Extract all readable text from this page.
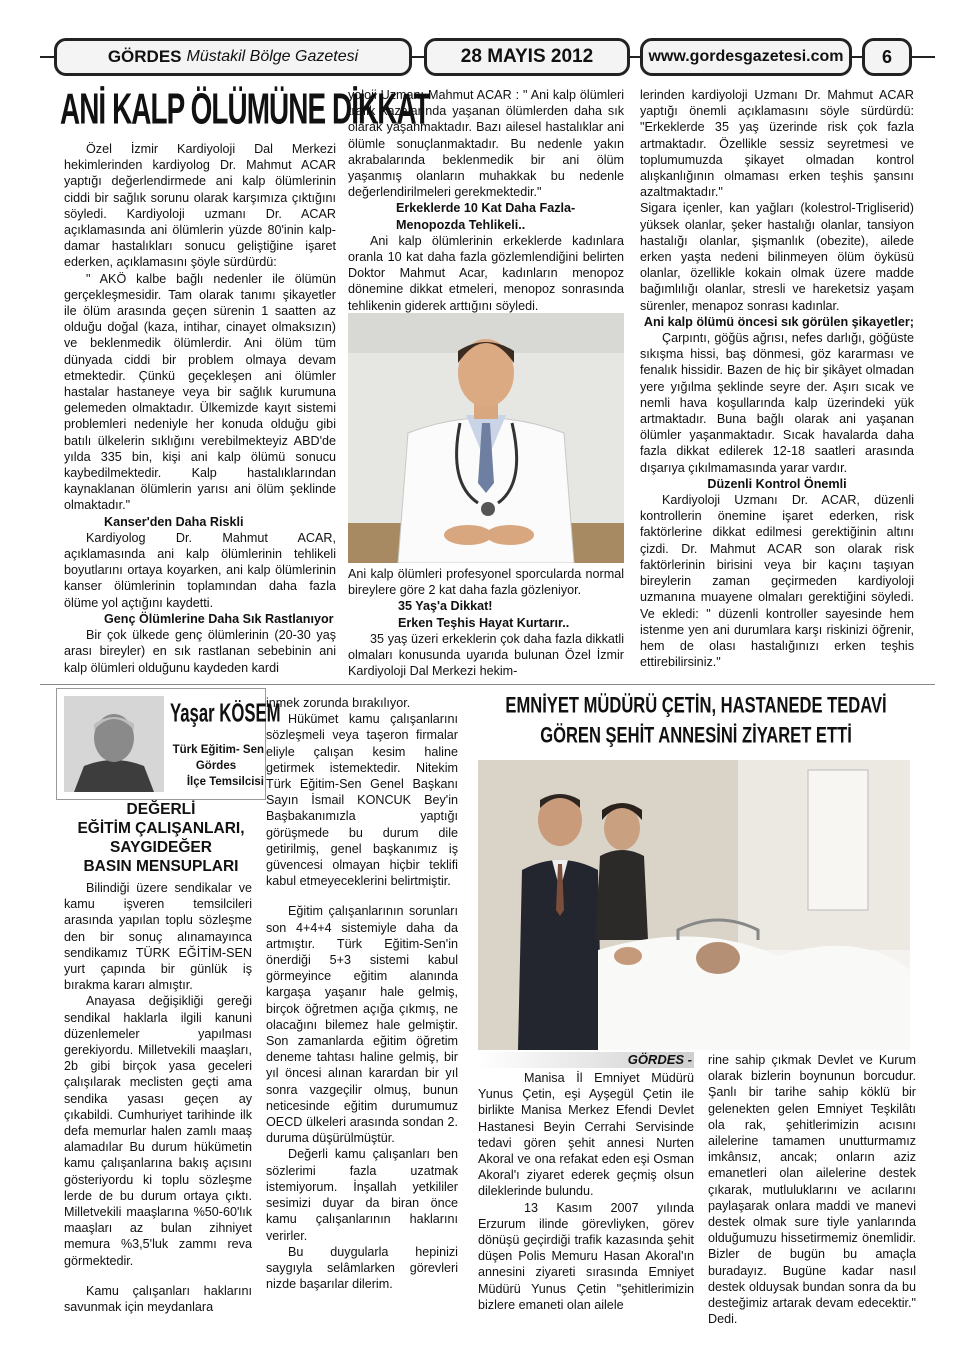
GÖRDES Müstakil Bölge Gazetesi	28 MAYIS 2012	www.gordesgazetesi.com 6
ANİ KALP ÖLÜMÜNE DİKKAT

Özel İzmir Kardiyoloji Dal Merkezi hekimlerinden kardiyolog Dr. Mahmut ACAR yaptığı değerlendirmede ani kalp ölümlerinin ciddi bir sağlık sorunu olarak karşımıza çıktığını söyledi. Kardiyoloji uzmanı Dr. ACAR açıklamasında ani ölümlerin yüzde 80'inin kalp-damar hastalıkları sonucu geliştiğine işaret ederken, açıklamasını şöyle sürdürdü:

" AKÖ kalbe bağlı nedenler ile ölümün gerçekleşmesidir. Tam olarak tanımı şikayetler ile ölüm arasında geçen sürenin 1 saatten az olduğu doğal (kaza, intihar, cinayet olmaksızın) ve beklenmedik ölümlerdir. Ani ölüm tüm dünyada ciddi bir problem olmaya devam etmektedir. Çünkü geçekleşen ani ölümler hastalar hastaneye veya bir sağlık kurumuna gelemeden olmaktadır. Ülkemizde kayıt sistemi problemleri nedeniyle her konuda olduğu gibi batılı ülkelerin sıklığını verebilmekteyiz ABD'de yılda 335 bin, kişi ani kalp ölümü sonucu kaybedilmektedir. Kalp hastalıklarından kaynaklanan ölümlerin yarısı ani ölüm şeklinde olmaktadır."

Kanser'den Daha Riskli

Kardiyolog Dr. Mahmut ACAR, açıklamasında ani kalp ölümlerinin tehlikeli boyutlarını ortaya koyarken, ani kalp ölümlerinin kanser ölümlerinin toplamından daha fazla ölüme yol açtığını kaydetti.

Genç Ölümlerine Daha Sık Rastlanıyor

Bir çok ülkede genç ölümlerinin (20-30 yaş arası bireyler) en sık rastlanan sebebinin ani kalp ölümleri olduğunu kaydeden kardi

yoloji Uzmanı Mahmut ACAR : " Ani kalp ölümleri trafik kazalarında yaşanan ölümlerden daha sık olarak yaşanmaktadır. Bazı ailesel hastalıklar ani ölümle sonuçlanmaktadır. Bu nedenle yakın akrabalarında beklenmedik bir ani ölüm yaşanmış olanların muhakkak bu nedenle değerlendirilmeleri gerekmektedir."

Erkeklerde 10 Kat Daha Fazla- Menopozda Tehlikeli..

Ani kalp ölümlerinin erkeklerde kadınlara oranla 10 kat daha fazla gözlemlendiğini belirten Doktor Mahmut Acar, kadınların menopoz dönemine dikkat etmeleri, menopoz sonrasında tehlikenin giderek arttığını söyledi.

Ani kalp ölümleri profesyonel sporcularda normal bireylere göre 2 kat daha fazla gözleniyor.

35 Yaş'a Dikkat!

Erken Teşhis Hayat Kurtarır..

35 yaş üzeri erkeklerin çok daha fazla dikkatli olmaları konusunda uyarıda bulunan Özel İzmir Kardiyoloji Dal Merkezi hekim-

lerinden kardiyoloji Uzmanı Dr. Mahmut ACAR yaptığı önemli açıklamasını söyle sürdürdü: "Erkeklerde 35 yaş üzerinde risk çok fazla artmaktadır. Özellikle sessiz seyretmesi ve toplumumuzda şikayet olmadan kontrol alışkanlığının olmaması erken teşhis şansını azaltmaktadır."

Sigara içenler, kan yağları (kolestrol-Trigliserid) yüksek olanlar, şeker hastalığı olanlar, tansiyon hastalığı olanlar, şişmanlık (obezite), ailede erken yaşta nedeni bilinmeyen ölüm öyküsü olanlar, özellikle kokain olmak üzere madde bağımlılığı olanlar, stresli ve hareketsiz yaşam sürenler, menapoz sonrası kadınlar.

Ani kalp ölümü öncesi sık görülen şikayetler;

Çarpıntı, göğüs ağrısı, nefes darlığı, göğüste sıkışma hissi, baş dönmesi, göz kararması ve fenalık hissidir. Bazen de hiç bir şikâyet olmadan yere yığılma şeklinde seyre der. Aşırı sıcak ve nemli hava koşullarında kalp üzerindeki yük artmaktadır. Buna bağlı olarak ani yaşanan ölümler yaşanmaktadır. Sıcak havalarda daha fazla dikkat edilerek 12-18 saatleri arasında dışarıya çıkılmamasında yarar vardır.

Düzenli Kontrol Önemli

Kardiyoloji Uzmanı Dr. ACAR, düzenli kontrollerin önemine işaret ederken, risk faktörlerine dikkat edilmesi gerektiğinin altını çizdi. Dr. Mahmut ACAR son olarak risk faktörlerinin birisini veya bir kaçını taşıyan bireylerin zaman geçirmeden kardiyoloji uzmanına muayene olmaları gerektiğini söyledi. Ve ekledi: " düzenli kontroller sayesinde hem istenme yen ani durumlara karşı riskinizi öğrenir, hem de olası hastalığınızı erken teşhis ettirebilirsiniz."

Yaşar KÖSEM
Türk Eğitim- Sen
Gördes
İlçe Temsilcisi
DEĞERLİ
EĞİTİM ÇALIŞANLARI,
SAYGIDEĞER
BASIN MENSUPLARI

Bilindiği üzere sendikalar ve kamu işveren temsilcileri arasında yapılan toplu sözleşme den bir sonuç alınamayınca sendikamız TÜRK EĞİTİM-SEN yurt çapında bir günlük iş bırakma kararı almıştır.

Anayasa değişikliği gereği sendikal haklarla ilgili kanuni düzenlemeler yapılması gerekiyordu. Milletvekili maaşları, 2b gibi birçok yasa geceleri çalışılarak meclisten geçti ama sendika yasası geçen ay çıkabildi. Cumhuriyet tarihinde ilk defa memurlar halen zamlı maaş alamadılar Bu durum hükümetin kamu çalışanlarına bakış açısını gösteriyordu ki toplu sözleşme lerde de bu durum ortaya çıktı. Milletvekili maaşlarına %50-60'lık maaşları az bulan zihniyet memura %3,5'luk zammı reva görmektedir.

Kamu çalışanları haklarını savunmak için meydanlara

inmek zorunda bırakılıyor.

Hükümet kamu çalışanlarını sözleşmeli veya taşeron firmalar eliyle çalışan kesim haline getirmek istemektedir. Nitekim Türk Eğitim-Sen Genel Başkanı Sayın İsmail KONCUK Bey'in Başbakanımızla yaptığı görüşmede bu durum dile getirilmiş, genel başkanımız iş güvencesi olmayan hiçbir teklifi kabul etmeyeceklerini belirtmiştir.

Eğitim çalışanlarının sorunları son 4+4+4 sistemiyle daha da artmıştır. Türk Eğitim-Sen'in önerdiği 5+3 sistemi kabul görmeyince eğitim alanında kargaşa yaşanır hale gelmiş, birçok öğretmen açığa çıkmış, ne olacağını bilemez hale gelmiştir. Son zamanlarda eğitim öğretim deneme tahtası haline gelmiş, bir yıl öncesi alınan karardan bir yıl sonra vazgeçilir olmuş, bunun neticesinde eğitim durumumuz OECD ülkeleri arasında sondan 2. duruma düşürülmüştür.

Değerli kamu çalışanları ben sözlerimi fazla uzatmak istemiyorum. İnşallah yetkililer sesimizi duyar da biran önce kamu çalışanlarının haklarını verirler.

Bu duygularla hepinizi saygıyla selâmlarken görevleri nizde başarılar dilerim.

EMNİYET MÜDÜRÜ ÇETİN, HASTANEDE TEDAVİ
GÖREN ŞEHİT ANNESİNİ ZİYARET ETTİ
GÖRDES -

Manisa İl Emniyet Müdürü Yunus Çetin, eşi Ayşegül Çetin ile birlikte Manisa Merkez Efendi Devlet Hastanesi Beyin Cerrahi Servisinde tedavi gören şehit annesi Nurten Akoral ve ona refakat eden eşi Osman Akoral'ı ziyaret ederek geçmiş olsun dileklerinde bulundu.

13 Kasım 2007 yılında Erzurum ilinde görevliyken, görev dönüşü geçirdiği trafik kazasında şehit düşen Polis Memuru Hasan Akoral'ın annesini ziyareti sırasında Emniyet Müdürü Yunus Çetin "şehitlerimizin bizlere emaneti olan ailele

rine sahip çıkmak Devlet ve Kurum olarak bizlerin boynunun borcudur. Şanlı bir tarihe sahip köklü bir gelenekten gelen Emniyet Teşkilâtı ola rak, şehitlerimizin acısını ailelerine tamamen unutturmamız imkânsız, ancak; onların aziz emanetleri olan ailelerine destek çıkarak, mutluluklarını ve acılarını paylaşarak onlara maddi ve manevi destek olmak sure tiyle yanlarında olduğumuzu hissetirmemiz önemlidir. Bizler de bugün bu amaçla buradayız. Bugüne kadar nasıl destek olduysak bundan sonra da bu desteğimiz artarak devam edecektir." Dedi.
